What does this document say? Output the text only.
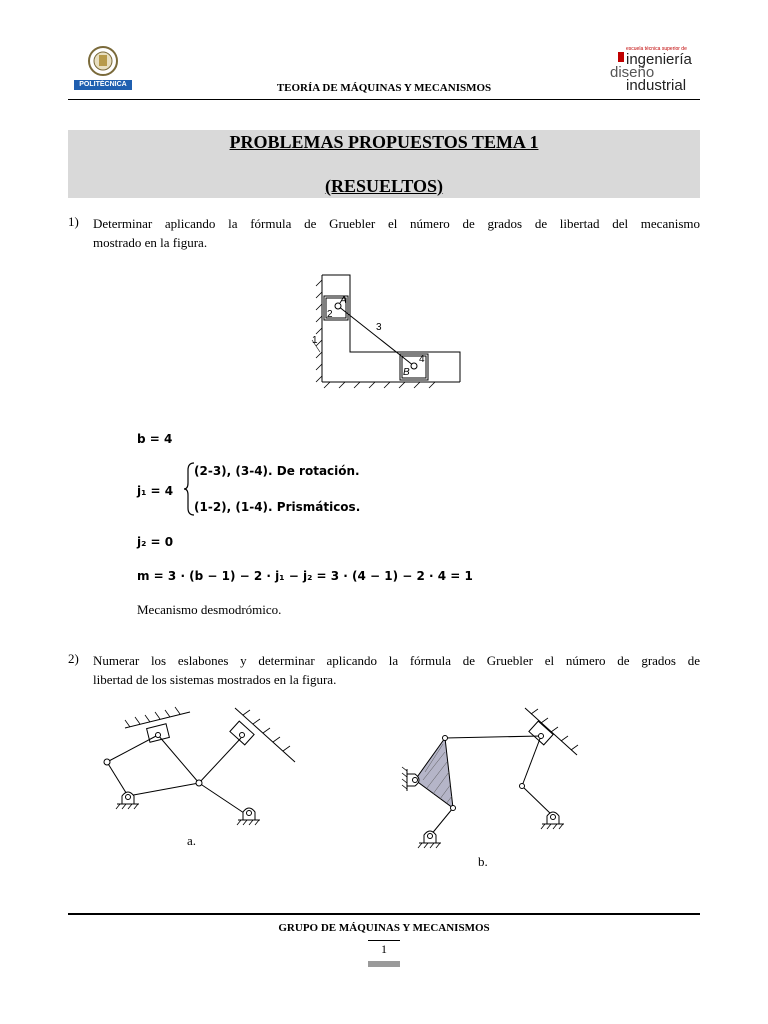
POLITÉCNICA	TEORÍA DE MÁQUINAS Y MECANISMOS
escuela técnica superior de
ingeniería
diseño
industrial
PROBLEMAS PROPUESTOS TEMA 1
(RESUELTOS)
1) Determinar aplicando la fórmula de Gruebler el número de grados de libertad del mecanismo
mostrado en la figura.
1
2
A
3
4
B
b = 4
j₁ = 4
(2-3), (3-4). De rotación.
(1-2), (1-4). Prismáticos.
j₂ = 0
m = 3 · (b − 1) − 2 · j₁ − j₂ = 3 · (4 − 1) − 2 · 4 = 1
Mecanismo desmodrómico.
2) Numerar los eslabones y determinar aplicando la fórmula de Gruebler el número de grados de
libertad de los sistemas mostrados en la figura.
a.
b.
GRUPO DE MÁQUINAS Y MECANISMOS
1
